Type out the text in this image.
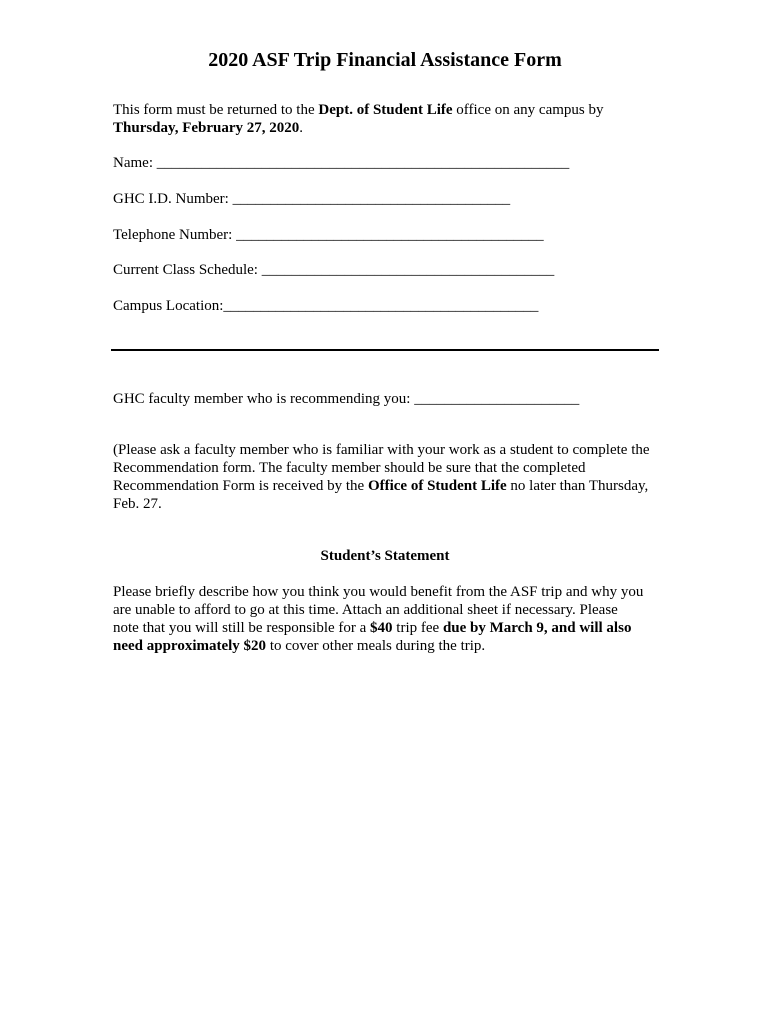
2020 ASF Trip Financial Assistance Form
This form must be returned to the Dept. of Student Life office on any campus by
Thursday, February 27, 2020.
Name: _______________________________________________________
GHC I.D. Number: _____________________________________
Telephone Number: _________________________________________
Current Class Schedule: _______________________________________
Campus Location:__________________________________________
GHC faculty member who is recommending you: ______________________
(Please ask a faculty member who is familiar with your work as a student to complete the
Recommendation form. The faculty member should be sure that the completed
Recommendation Form is received by the Office of Student Life no later than Thursday,
Feb. 27.
Student’s Statement
Please briefly describe how you think you would benefit from the ASF trip and why you
are unable to afford to go at this time. Attach an additional sheet if necessary. Please
note that you will still be responsible for a $40 trip fee due by March 9, and will also
need approximately $20 to cover other meals during the trip.
